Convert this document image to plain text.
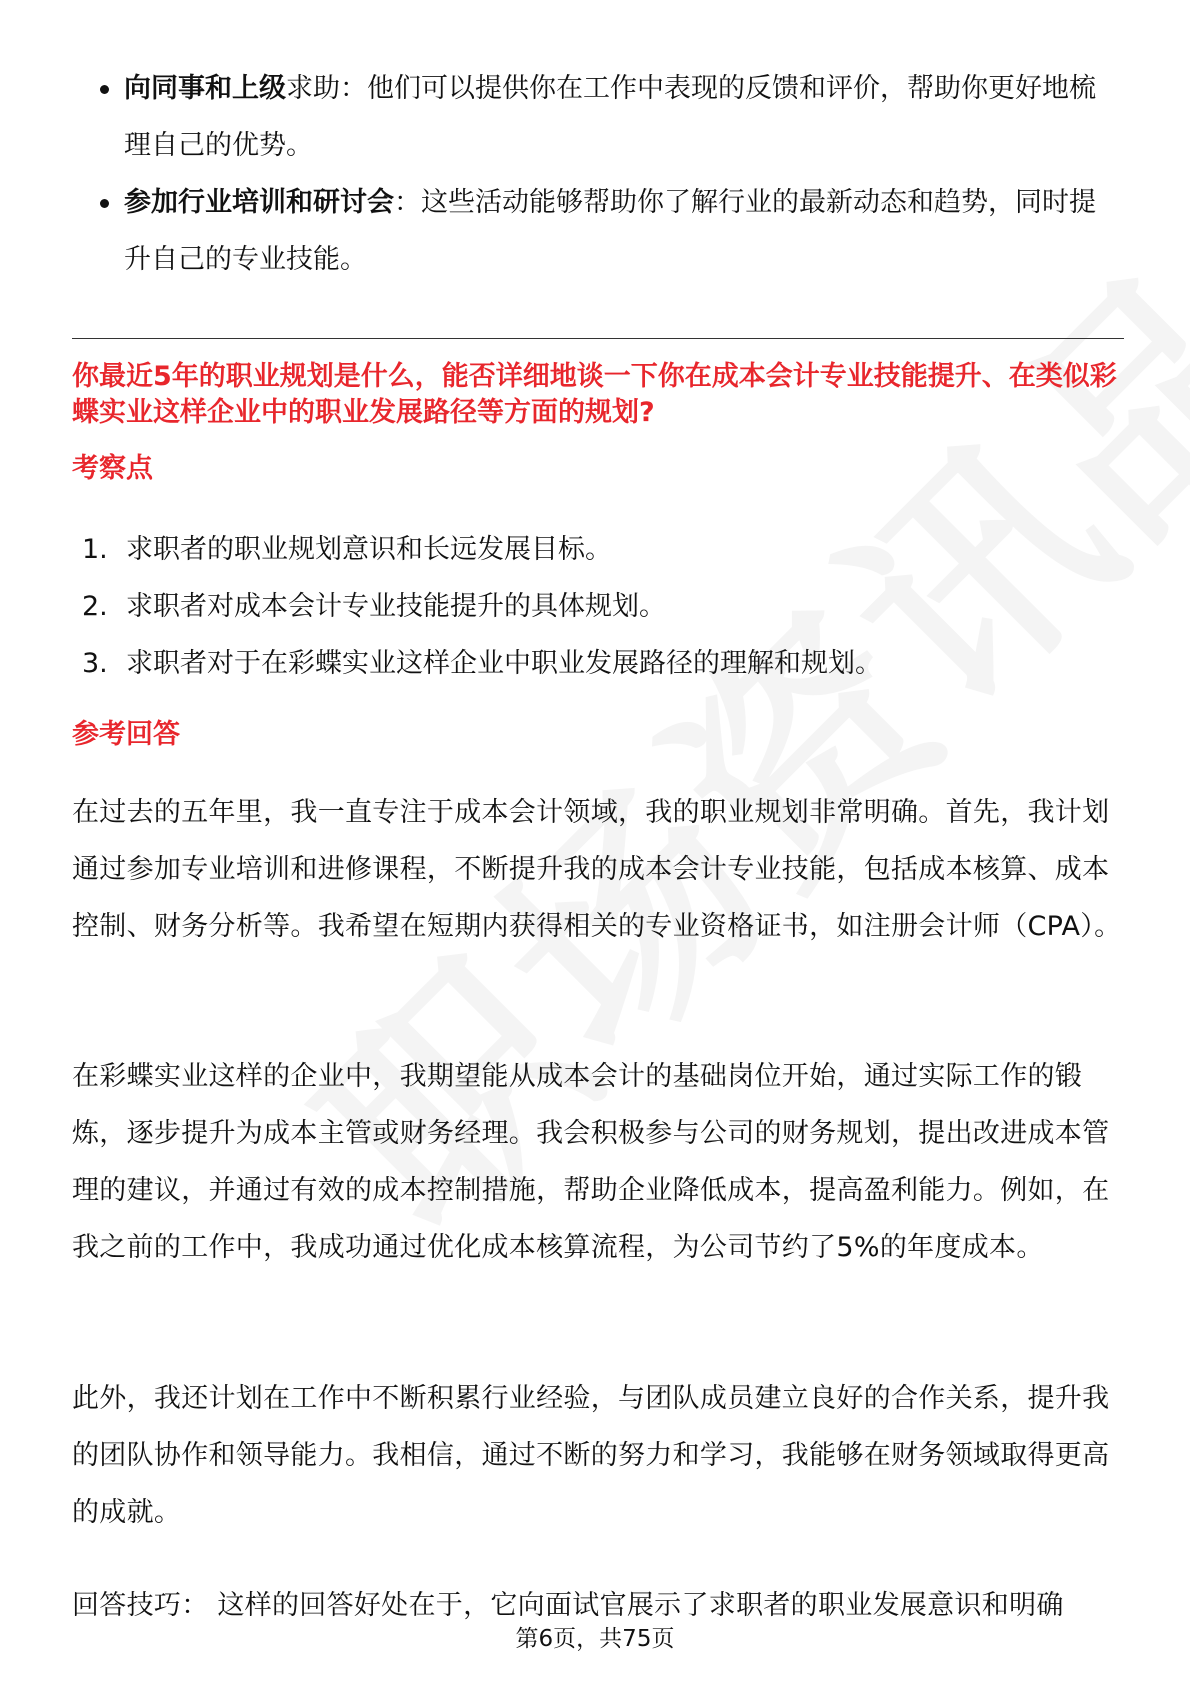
向同事和上级求助：他们可以提供你在工作中表现的反馈和评价，帮助你更好地梳理自己的优势。
参加行业培训和研讨会：这些活动能够帮助你了解行业的最新动态和趋势，同时提升自己的专业技能。

你最近5年的职业规划是什么，能否详细地谈一下你在成本会计专业技能提升、在类似彩蝶实业这样企业中的职业发展路径等方面的规划?

考察点

1. 求职者的职业规划意识和长远发展目标。
2. 求职者对成本会计专业技能提升的具体规划。
3. 求职者对于在彩蝶实业这样企业中职业发展路径的理解和规划。

参考回答

在过去的五年里，我一直专注于成本会计领域，我的职业规划非常明确。首先，我计划通过参加专业培训和进修课程，不断提升我的成本会计专业技能，包括成本核算、成本控制、财务分析等。我希望在短期内获得相关的专业资格证书，如注册会计师（CPA）。

在彩蝶实业这样的企业中，我期望能从成本会计的基础岗位开始，通过实际工作的锻炼，逐步提升为成本主管或财务经理。我会积极参与公司的财务规划，提出改进成本管理的建议，并通过有效的成本控制措施，帮助企业降低成本，提高盈利能力。例如，在我之前的工作中，我成功通过优化成本核算流程，为公司节约了5%的年度成本。

此外，我还计划在工作中不断积累行业经验，与团队成员建立良好的合作关系，提升我的团队协作和领导能力。我相信，通过不断的努力和学习，我能够在财务领域取得更高的成就。

回答技巧： 这样的回答好处在于，它向面试官展示了求职者的职业发展意识和明确

第6页，共75页
